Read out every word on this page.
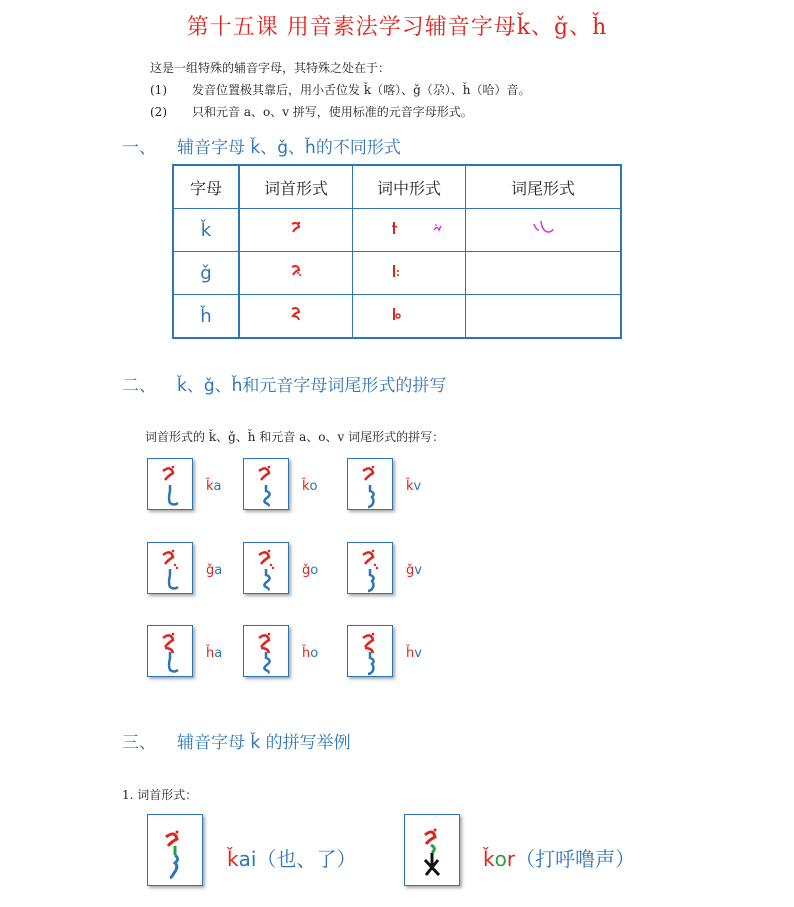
第十五课 用音素法学习辅音字母ǩ、ǧ、ȟ
这是一组特殊的辅音字母，其特殊之处在于：
(1) 发音位置极其靠后，用小舌位发 ǩ（喀）、ǧ（尕）、ȟ（哈）音。
(2) 只和元音 a、o、v 拼写，使用标准的元音字母形式。
一、 辅音字母 ǩ、ǧ、ȟ的不同形式
字母	词首形式	词中形式	词尾形式
ǩ			
ǧ			
ȟ			
二、 ǩ、ǧ、ȟ和元音字母词尾形式的拼写
词首形式的 ǩ、ǧ、ȟ 和元音 a、o、v 词尾形式的拼写：
ǩa	ǩo	ǩv
ǧa	ǧo	ǧv
ȟa	ȟo	ȟv
三、 辅音字母 ǩ 的拼写举例
1. 词首形式：
ǩai（也、了）	ǩor（打呼噜声）
